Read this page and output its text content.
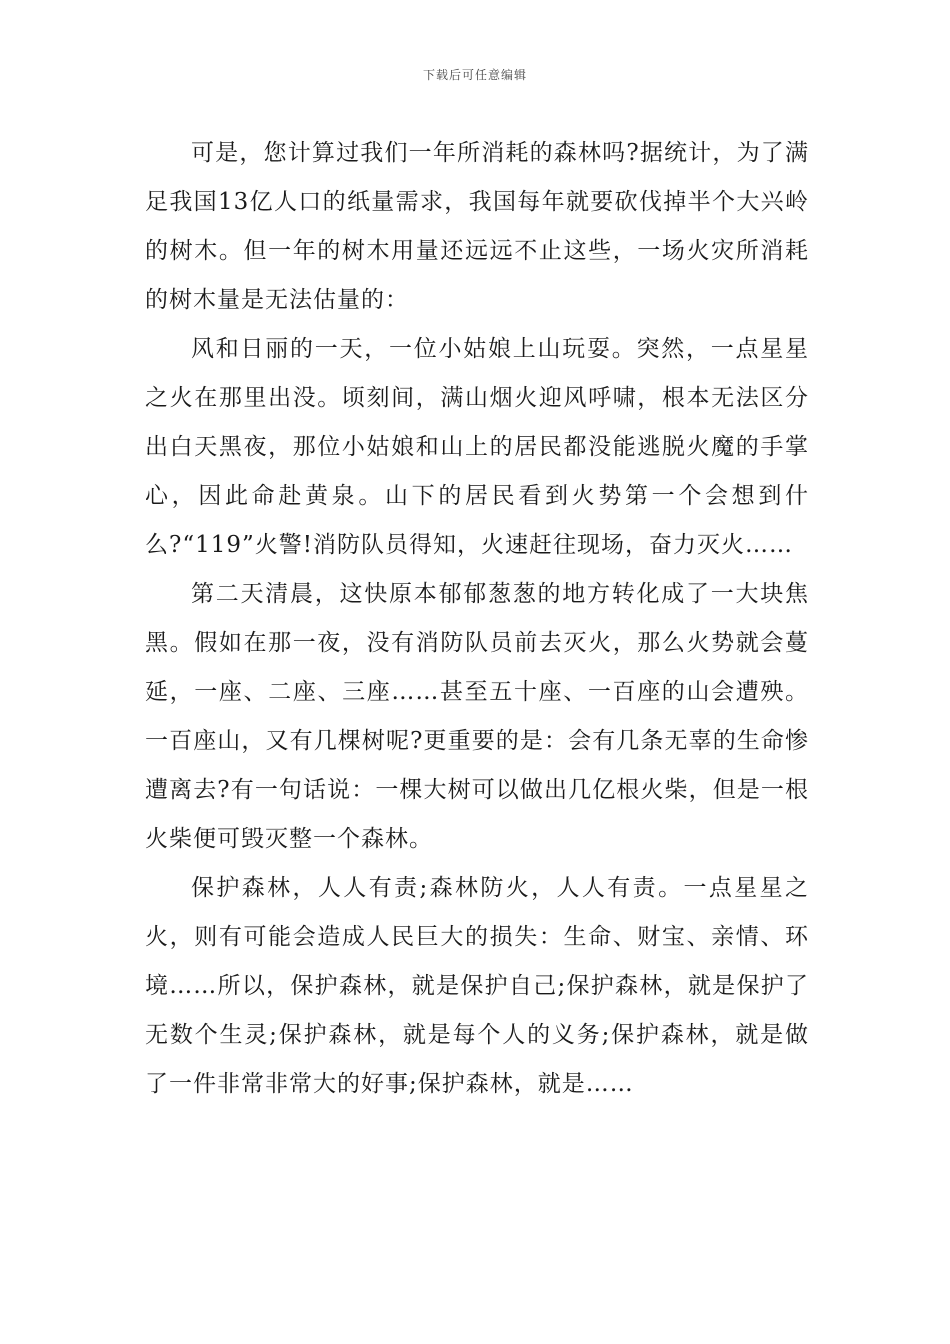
下载后可任意编辑

可是，您计算过我们一年所消耗的森林吗?据统计，为了满足我国13亿人口的纸量需求，我国每年就要砍伐掉半个大兴岭的树木。但一年的树木用量还远远不止这些，一场火灾所消耗的树木量是无法估量的：

风和日丽的一天，一位小姑娘上山玩耍。突然，一点星星之火在那里出没。顷刻间，满山烟火迎风呼啸，根本无法区分出白天黑夜，那位小姑娘和山上的居民都没能逃脱火魔的手掌心，因此命赴黄泉。山下的居民看到火势第一个会想到什么?“119”火警!消防队员得知，火速赶往现场，奋力灭火……

第二天清晨，这快原本郁郁葱葱的地方转化成了一大块焦黑。假如在那一夜，没有消防队员前去灭火，那么火势就会蔓延，一座、二座、三座……甚至五十座、一百座的山会遭殃。一百座山，又有几棵树呢?更重要的是：会有几条无辜的生命惨遭离去?有一句话说：一棵大树可以做出几亿根火柴，但是一根火柴便可毁灭整一个森林。

保护森林，人人有责;森林防火，人人有责。一点星星之火，则有可能会造成人民巨大的损失：生命、财宝、亲情、环境……所以，保护森林，就是保护自己;保护森林，就是保护了无数个生灵;保护森林，就是每个人的义务;保护森林，就是做了一件非常非常大的好事;保护森林，就是……
